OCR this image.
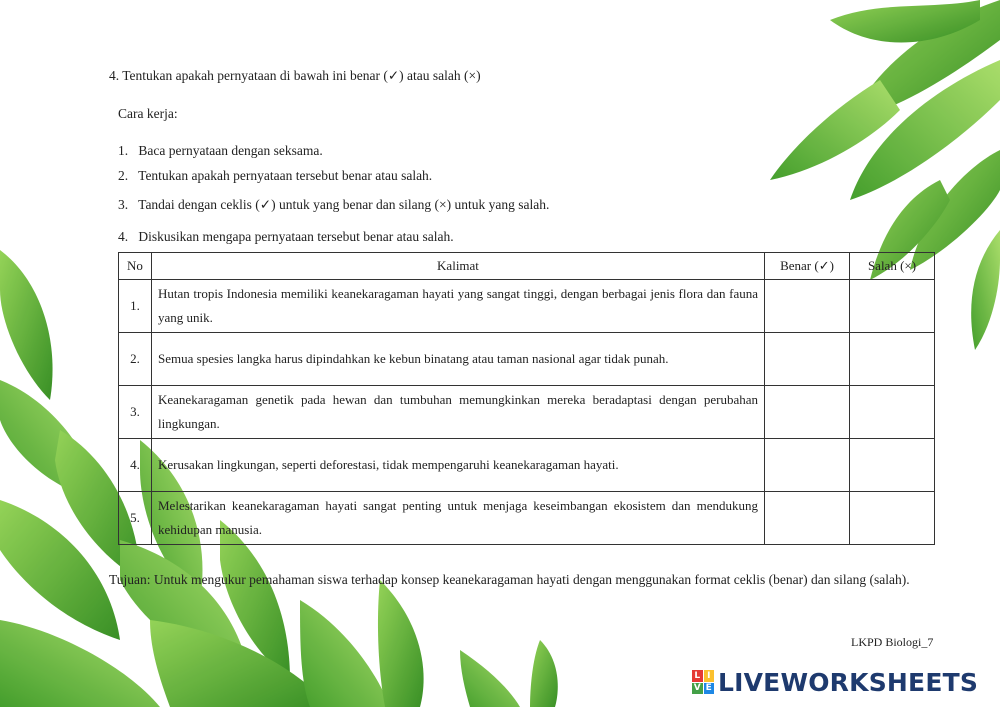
4. Tentukan apakah pernyataan di bawah ini benar (✓) atau salah (×)
Cara kerja:
1. Baca pernyataan dengan seksama.
2. Tentukan apakah pernyataan tersebut benar atau salah.
3. Tandai dengan ceklis (✓) untuk yang benar dan silang (×) untuk yang salah.
4. Diskusikan mengapa pernyataan tersebut benar atau salah.
No	Kalimat	Benar (✓)	Salah (×)
1.	Hutan tropis Indonesia memiliki keanekaragaman hayati yang sangat tinggi, dengan berbagai jenis flora dan fauna yang unik.		
2.	Semua spesies langka harus dipindahkan ke kebun binatang atau taman nasional agar tidak punah.		
3.	Keanekaragaman genetik pada hewan dan tumbuhan memungkinkan mereka beradaptasi dengan perubahan lingkungan.		
4.	Kerusakan lingkungan, seperti deforestasi, tidak mempengaruhi keanekaragaman hayati.		
5.	Melestarikan keanekaragaman hayati sangat penting untuk menjaga keseimbangan ekosistem dan mendukung kehidupan manusia.		
Tujuan: Untuk mengukur pemahaman siswa terhadap konsep keanekaragaman hayati dengan menggunakan format ceklis (benar) dan silang (salah).
LKPD Biologi_7
L I
V E LIVEWORKSHEETS
